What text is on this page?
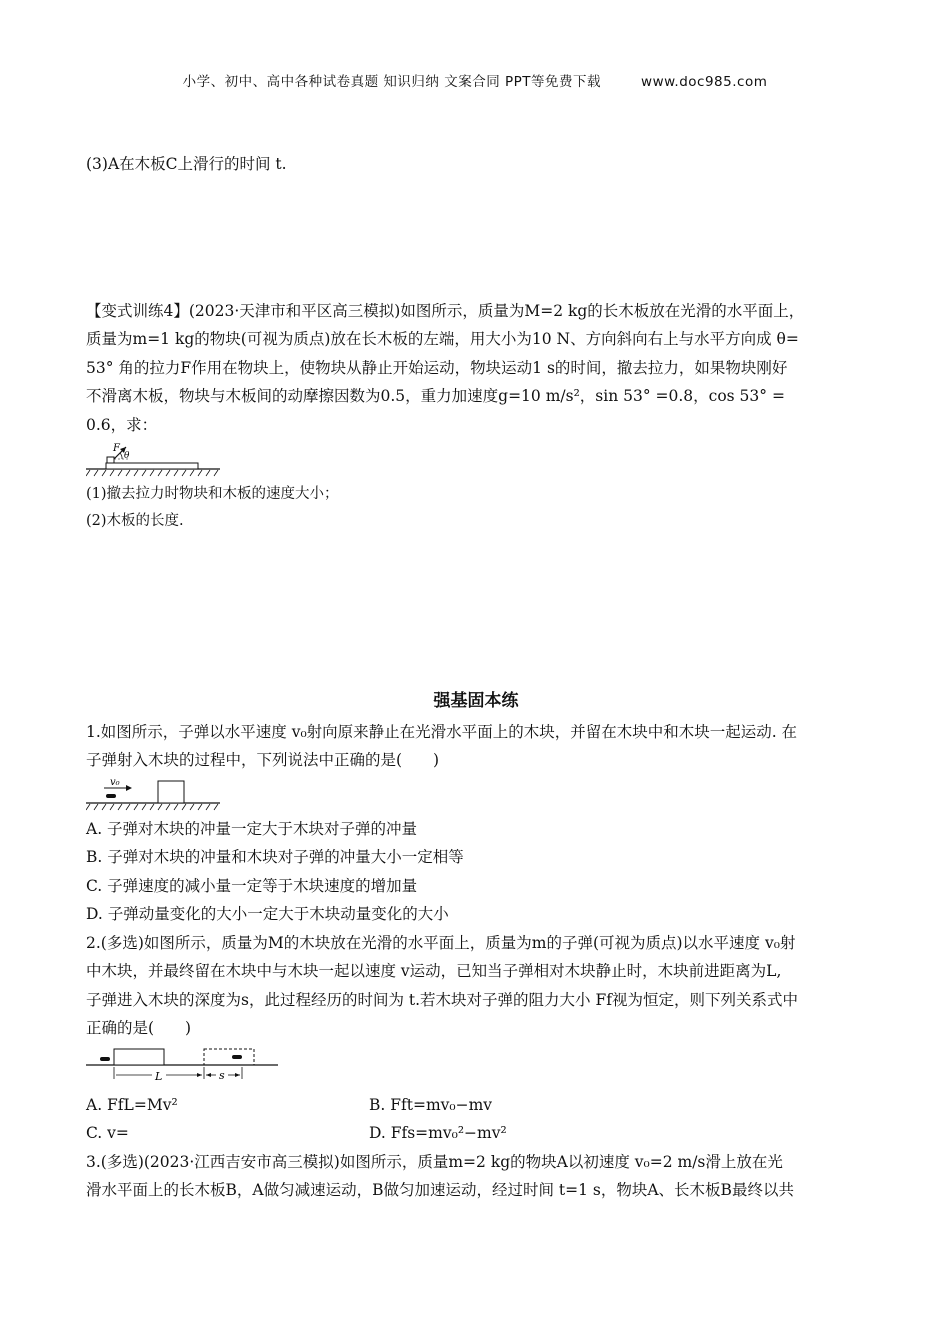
小学、初中、高中各种试卷真题 知识归纳 文案合同 PPT等免费下载	www.doc985.com

(3)A在木板C上滑行的时间 t.

【变式训练4】(2023·天津市和平区高三模拟)如图所示，质量为M=2 kg的长木板放在光滑的水平面上，

质量为m=1 kg的物块(可视为质点)放在长木板的左端，用大小为10 N、方向斜向右上与水平方向成 θ=

53° 角的拉力F作用在物块上，使物块从静止开始运动，物块运动1 s的时间，撤去拉力，如果物块刚好

不滑离木板，物块与木板间的动摩擦因数为0.5，重力加速度g=10 m/s²，sin 53° =0.8，cos 53° =

0.6，求：

F
θ

(1)撤去拉力时物块和木板的速度大小；

(2)木板的长度.

强基固本练

1.如图所示，子弹以水平速度 v₀射向原来静止在光滑水平面上的木块，并留在木块中和木块一起运动. 在

子弹射入木块的过程中，下列说法中正确的是(　　)

v₀

A. 子弹对木块的冲量一定大于木块对子弹的冲量

B. 子弹对木块的冲量和木块对子弹的冲量大小一定相等

C. 子弹速度的减小量一定等于木块速度的增加量

D. 子弹动量变化的大小一定大于木块动量变化的大小

2.(多选)如图所示，质量为M的木块放在光滑的水平面上，质量为m的子弹(可视为质点)以水平速度 v₀射

中木块，并最终留在木块中与木块一起以速度 v运动，已知当子弹相对木块静止时，木块前进距离为L,

子弹进入木块的深度为s，此过程经历的时间为 t.若木块对子弹的阻力大小 Ff视为恒定，则下列关系式中

正确的是(　　)

L	s
A. FfL=Mv²	B. Fft=mv₀−mv
C. v=	D. Ffs=mv₀²−mv²

3.(多选)(2023·江西吉安市高三模拟)如图所示，质量m=2 kg的物块A以初速度 v₀=2 m/s滑上放在光

滑水平面上的长木板B，A做匀减速运动，B做匀加速运动，经过时间 t=1 s，物块A、长木板B最终以共
